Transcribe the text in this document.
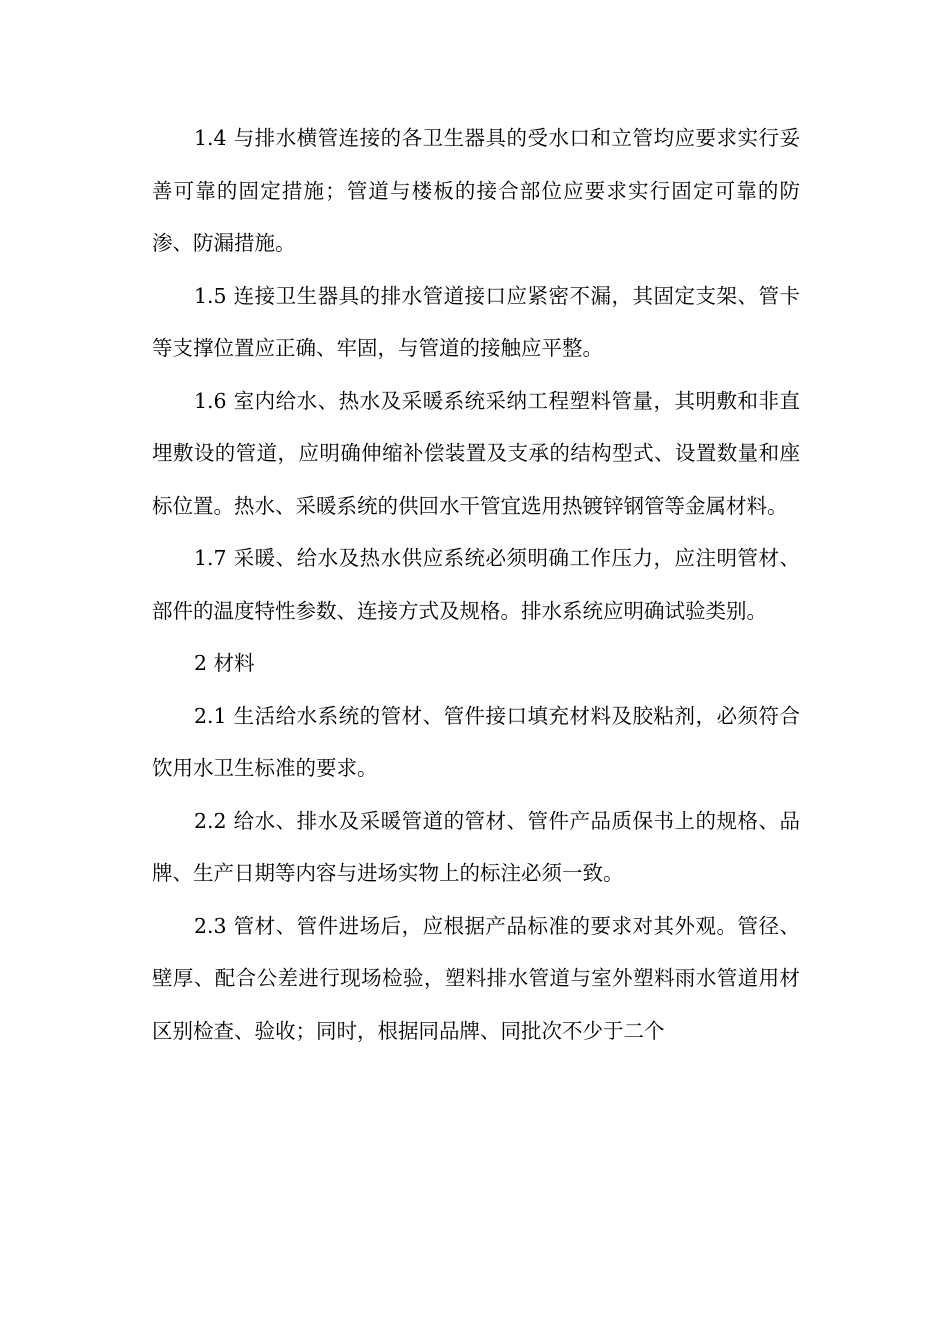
1.4 与排水横管连接的各卫生器具的受水口和立管均应要求实行妥善可靠的固定措施；管道与楼板的接合部位应要求实行固定可靠的防渗、防漏措施。

1.5 连接卫生器具的排水管道接口应紧密不漏，其固定支架、管卡等支撑位置应正确、牢固，与管道的接触应平整。

1.6 室内给水、热水及采暖系统采纳工程塑料管量，其明敷和非直埋敷设的管道，应明确伸缩补偿装置及支承的结构型式、设置数量和座标位置。热水、采暖系统的供回水干管宜选用热镀锌钢管等金属材料。

1.7 采暖、给水及热水供应系统必须明确工作压力，应注明管材、部件的温度特性参数、连接方式及规格。排水系统应明确试验类别。

2 材料

2.1 生活给水系统的管材、管件接口填充材料及胶粘剂，必须符合饮用水卫生标准的要求。

2.2 给水、排水及采暖管道的管材、管件产品质保书上的规格、品牌、生产日期等内容与进场实物上的标注必须一致。

2.3 管材、管件进场后，应根据产品标准的要求对其外观。管径、壁厚、配合公差进行现场检验，塑料排水管道与室外塑料雨水管道用材区别检查、验收；同时，根据同品牌、同批次不少于二个
